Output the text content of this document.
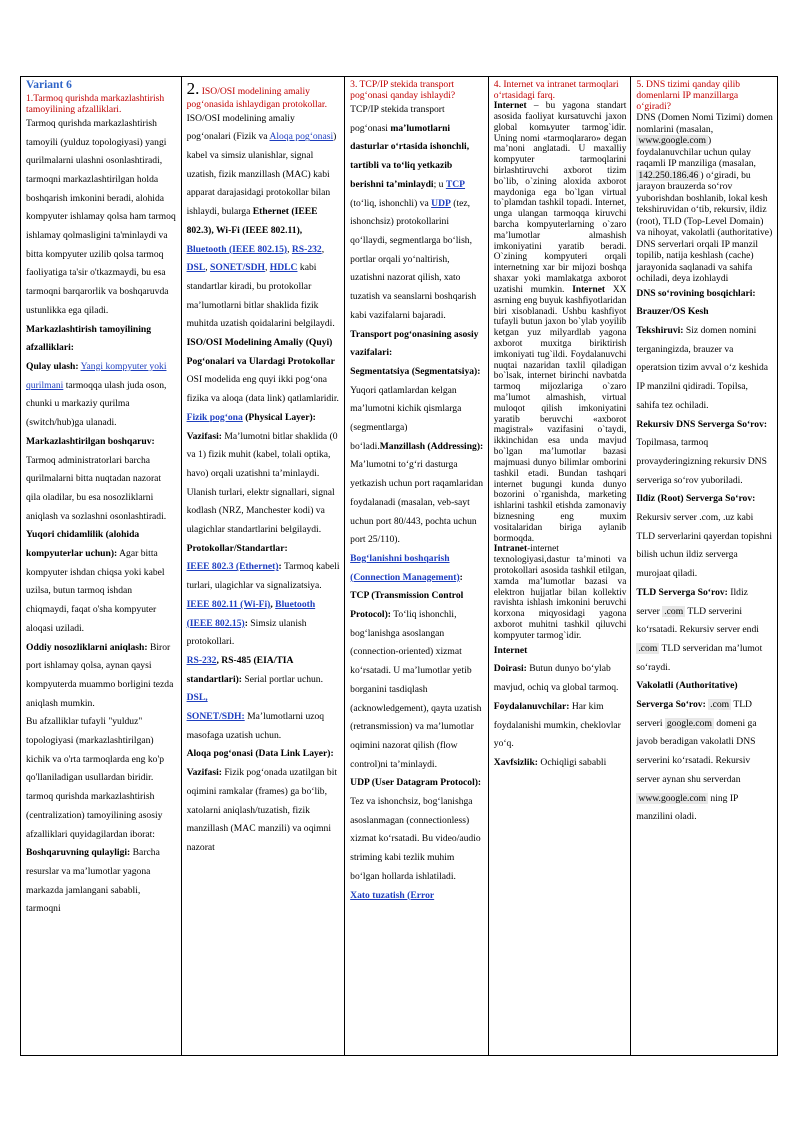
Variant 6
1.Tarmoq qurishda markazlashtirish tamoyilining afzalliklari.

Tarmoq qurishda markazlashtirish tamoyili (yulduz topologiyasi) yangi qurilmalarni ulashni osonlashtiradi, tarmoqni markazlashtirilgan holda boshqarish imkonini beradi, alohida kompyuter ishlamay qolsa ham tarmoq ishlamay qolmasligini ta'minlaydi va bitta kompyuter uzilib qolsa tarmoq faoliyatiga ta'sir o'tkazmaydi, bu esa tarmoqni barqarorlik va boshqaruvda ustunlikka ega qiladi. Markazlashtirish tamoyilining afzalliklari:

Qulay ulash: Yangi kompyuter yoki qurilmani tarmoqqa ulash juda oson, chunki u markaziy qurilma (switch/hub)ga ulanadi.

Markazlashtirilgan boshqaruv: Tarmoq administratorlari barcha qurilmalarni bitta nuqtadan nazorat qila oladilar, bu esa nosozliklarni aniqlash va sozlashni osonlashtiradi.

Yuqori chidamlilik (alohida kompyuterlar uchun): Agar bitta kompyuter ishdan chiqsa yoki kabel uzilsa, butun tarmoq ishdan chiqmaydi, faqat o'sha kompyuter aloqasi uziladi.

Oddiy nosozliklarni aniqlash: Biror port ishlamay qolsa, aynan qaysi kompyuterda muammo borligini tezda aniqlash mumkin.

Bu afzalliklar tufayli "yulduz" topologiyasi (markazlashtirilgan) kichik va o'rta tarmoqlarda eng ko'p qo'llaniladigan usullardan biridir. tarmoq qurishda markazlashtirish (centralization) tamoyilining asosiy afzalliklari quyidagilardan iborat:

Boshqaruvning qulayligi: Barcha resurslar va ma’lumotlar yagona markazda jamlangani sababli, tarmoqni

2. ISO/OSI modelining amaliy pog‘onasida ishlaydigan protokollar.

ISO/OSI modelining amaliy pog‘onalari (Fizik va Aloqa pog‘onasi) kabel va simsiz ulanishlar, signal uzatish, fizik manzillash (MAC) kabi apparat darajasidagi protokollar bilan ishlaydi, bularga Ethernet (IEEE 802.3), Wi-Fi (IEEE 802.11), Bluetooth (IEEE 802.15), RS-232, DSL, SONET/SDH, HDLC kabi standartlar kiradi, bu protokollar ma’lumotlarni bitlar shaklida fizik muhitda uzatish qoidalarini belgilaydi.

ISO/OSI Modelining Amaliy (Quyi) Pog‘onalari va Ulardagi Protokollar

OSI modelida eng quyi ikki pog‘ona fizika va aloqa (data link) qatlamlaridir.

Fizik pog‘ona (Physical Layer):

Vazifasi: Ma’lumotni bitlar shaklida (0 va 1) fizik muhit (kabel, tolali optika, havo) orqali uzatishni ta’minlaydi. Ulanish turlari, elektr signallari, signal kodlash (NRZ, Manchester kodi) va ulagichlar standartlarini belgilaydi.

Protokollar/Standartlar:

IEEE 802.3 (Ethernet): Tarmoq kabeli turlari, ulagichlar va signalizatsiya.

IEEE 802.11 (Wi-Fi), Bluetooth (IEEE 802.15): Simsiz ulanish protokollari.

RS-232, RS-485 (EIA/TIA standartlari): Serial portlar uchun.

DSL,

SONET/SDH: Ma’lumotlarni uzoq masofaga uzatish uchun.

Aloqa pog‘onasi (Data Link Layer):

Vazifasi: Fizik pog‘onada uzatilgan bit oqimini ramkalar (frames) ga bo‘lib, xatolarni aniqlash/tuzatish, fizik manzillash (MAC manzili) va oqimni nazorat

3. TCP/IP stekida transport pog‘onasi qanday ishlaydi?

TCP/IP stekida transport pog‘onasi ma’lumotlarni dasturlar o‘rtasida ishonchli, tartibli va to‘liq yetkazib berishni ta’minlaydi; u TCP (to‘liq, ishonchli) va UDP (tez, ishonchsiz) protokollarini qo‘llaydi, segmentlarga bo‘lish, portlar orqali yo‘naltirish, uzatishni nazorat qilish, xato tuzatish va seanslarni boshqarish kabi vazifalarni bajaradi.

Transport pog‘onasining asosiy vazifalari:

Segmentatsiya (Segmentatsiya): Yuqori qatlamlardan kelgan ma’lumotni kichik qismlarga (segmentlarga) bo‘ladi.Manzillash (Addressing): Ma’lumotni to‘g‘ri dasturga yetkazish uchun port raqamlaridan foydalanadi (masalan, veb-sayt uchun port 80/443, pochta uchun port 25/110).

Bog‘lanishni boshqarish (Connection Management):

TCP (Transmission Control Protocol): To‘liq ishonchli, bog‘lanishga asoslangan (connection-oriented) xizmat ko‘rsatadi. U ma’lumotlar yetib borganini tasdiqlash (acknowledgement), qayta uzatish (retransmission) va ma’lumotlar oqimini nazorat qilish (flow control)ni ta’minlaydi.

UDP (User Datagram Protocol): Tez va ishonchsiz, bog‘lanishga asoslanmagan (connectionless) xizmat ko‘rsatadi. Bu video/audio striming kabi tezlik muhim bo‘lgan hollarda ishlatiladi.

Xato tuzatish (Error

4. Internet va intranet tarmoqlari o‘rtasidagi farq.

Internet – bu yagona standart asosida faoliyat kursatuvchi jaxon global komьyuter tarmog`idir. Uning nomi «tarmoqlararo» degan ma’noni anglatadi. U maxalliy kompyuter tarmoqlarini birlashtiruvchi axborot tizim bo`lib, o`zining aloxida axborot maydoniga ega bo`lgan virtual to`plamdan tashkil topadi. Internet, unga ulangan tarmoqqa kiruvchi barcha kompyuterlarning o`zaro ma’lumotlar almashish imkoniyatini yaratib beradi. O`zining kompyuteri orqali internetning xar bir mijozi boshqa shaxar yoki mamlakatga axborot uzatishi mumkin. Internet XX asrning eng buyuk kashfiyotlaridan biri xisoblanadi. Ushbu kashfiyot tufayli butun jaxon bo`ylab yoyilib ketgan yuz milyardlab yagona axborot muxitga biriktirish imkoniyati tug`ildi. Foydalanuvchi nuqtai nazaridan taxlil qiladigan bo`lsak, internet birinchi navbatda tarmoq mijozlariga o`zaro ma’lumot almashish, virtual muloqot qilish imkoniyatini yaratib beruvchi «axborot magistral» vazifasini o`taydi, ikkinchidan esa unda mavjud bo`lgan ma’lumotlar bazasi majmuasi dunyo bilimlar omborini tashkil etadi. Bundan tashqari internet bugungi kunda dunyo bozorini o`rganishda, marketing ishlarini tashkil etishda zamonaviy biznesning eng muxim vositalaridan biriga aylanib bormoqda.

Intranet-internet texnologiyasi,dastur ta’minoti va protokollari asosida tashkil etilgan, xamda ma’lumotlar bazasi va elektron hujjatlar bilan kollektiv ravishta ishlash imkonini beruvchi korxona miqyosidagi yagona axborot muhitni tashkil qiluvchi kompyuter tarmog`idir.

Internet

Doirasi: Butun dunyo bo‘ylab mavjud, ochiq va global tarmoq.

Foydalanuvchilar: Har kim foydalanishi mumkin, cheklovlar yo‘q.

Xavfsizlik: Ochiqligi sababli

5. DNS tizimi qanday qilib domenlarni IP manzillarga o‘giradi?

DNS (Domen Nomi Tizimi) domen nomlarini (masalan, www.google.com ) foydalanuvchilar uchun qulay raqamli IP manziliga (masalan, 142.250.186.46 ) o‘giradi, bu jarayon brauzerda so‘rov yuborishdan boshlanib, lokal kesh tekshiruvidan o‘tib, rekursiv, ildiz (root), TLD (Top-Level Domain) va nihoyat, vakolatli (authoritative) DNS serverlari orqali IP manzil topilib, natija keshlash (cache) jarayonida saqlanadi va sahifa ochiladi, deya izohlaydi

DNS so‘rovining bosqichlari:

Brauzer/OS Kesh

Tekshiruvi: Siz domen nomini terganingizda, brauzer va operatsion tizim avval o‘z keshida IP manzilni qidiradi. Topilsa, sahifa tez ochiladi.

Rekursiv DNS Serverga So‘rov: Topilmasa, tarmoq provayderingizning rekursiv DNS serveriga so‘rov yuboriladi.

Ildiz (Root) Serverga So‘rov: Rekursiv server .com, .uz kabi TLD serverlarini qayerdan topishni bilish uchun ildiz serverga murojaat qiladi.

TLD Serverga So‘rov: Ildiz server .com TLD serverini ko‘rsatadi. Rekursiv server endi .com TLD serveridan ma’lumot so‘raydi.

Vakolatli (Authoritative) Serverga So‘rov: .com TLD serveri google.com domeni ga javob beradigan vakolatli DNS serverini ko‘rsatadi. Rekursiv server aynan shu serverdan www.google.com ning IP manzilini oladi.
